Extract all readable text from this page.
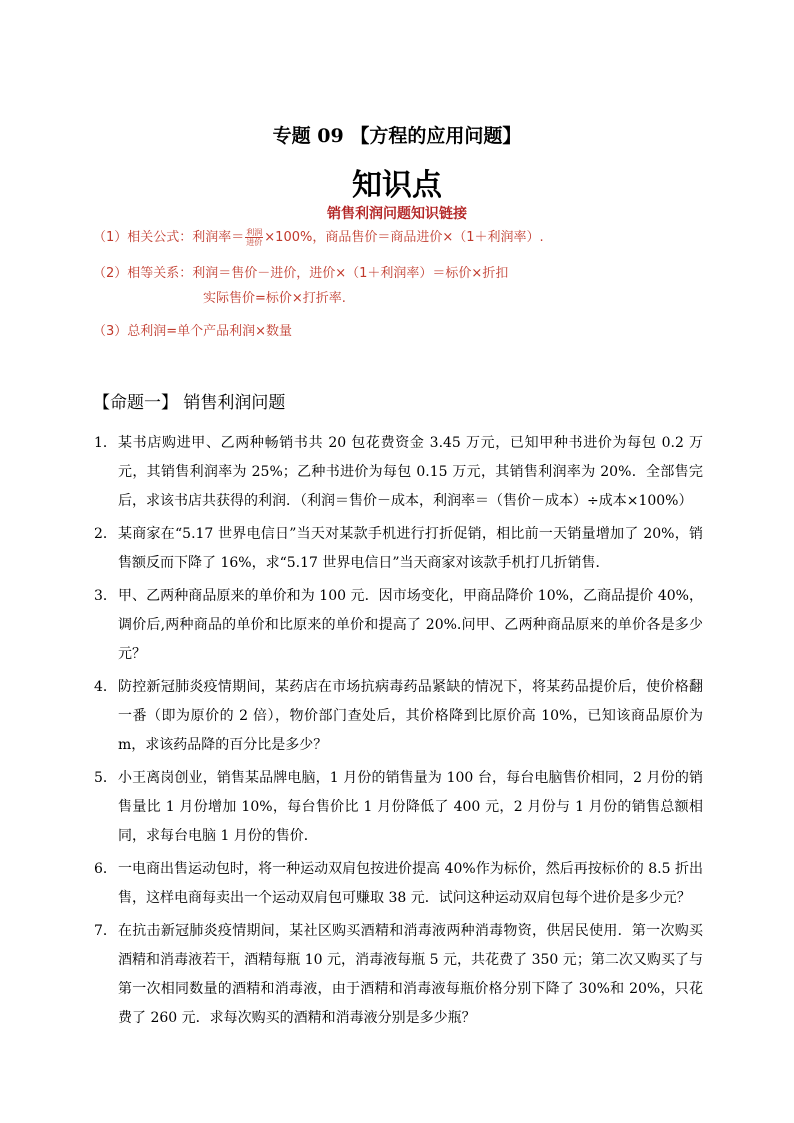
专题 09 【方程的应用问题】
知识点
销售利润问题知识链接
（1）相关公式：利润率＝ $\frac{\text{利润}}{\text{进价}} \times 100\%$，商品售价＝商品进价×（1＋利润率）.
（2）相等关系：利润＝售价－进价，进价×（1＋利润率）＝标价×折扣
实际售价=标价×打折率.
（3）总利润=单个产品利润×数量
【命题一】 销售利润问题
1． 某书店购进甲、乙两种畅销书共 20 包花费资金 3.45 万元，已知甲种书进价为每包 0.2 万元，其销售利润率为 25%；乙种书进价为每包 0.15 万元，其销售利润率为 20%．全部售完后，求该书店共获得的利润．（利润＝售价－成本，利润率＝（售价－成本）÷成本×100%）
2． 某商家在“5.17 世界电信日”当天对某款手机进行打折促销，相比前一天销量增加了 20%，销售额反而下降了 16%，求“5.17 世界电信日”当天商家对该款手机打几折销售．
3． 甲、乙两种商品原来的单价和为 100 元．因市场变化，甲商品降价 10%，乙商品提价 40%，调价后,两种商品的单价和比原来的单价和提高了 20%.问甲、乙两种商品原来的单价各是多少元？
4． 防控新冠肺炎疫情期间，某药店在市场抗病毒药品紧缺的情况下，将某药品提价后，使价格翻一番（即为原价的 2 倍），物价部门查处后，其价格降到比原价高 10%，已知该商品原价为 m，求该药品降的百分比是多少？
5． 小王离岗创业，销售某品牌电脑，1 月份的销售量为 100 台，每台电脑售价相同，2 月份的销售量比 1 月份增加 10%，每台售价比 1 月份降低了 400 元，2 月份与 1 月份的销售总额相同，求每台电脑 1 月份的售价．
6． 一电商出售运动包时，将一种运动双肩包按进价提高 40%作为标价，然后再按标价的 8.5 折出售，这样电商每卖出一个运动双肩包可赚取 38 元．试问这种运动双肩包每个进价是多少元？
7． 在抗击新冠肺炎疫情期间，某社区购买酒精和消毒液两种消毒物资，供居民使用．第一次购买酒精和消毒液若干，酒精每瓶 10 元，消毒液每瓶 5 元，共花费了 350 元；第二次又购买了与第一次相同数量的酒精和消毒液，由于酒精和消毒液每瓶价格分别下降了 30%和 20%，只花费了 260 元．求每次购买的酒精和消毒液分别是多少瓶？
